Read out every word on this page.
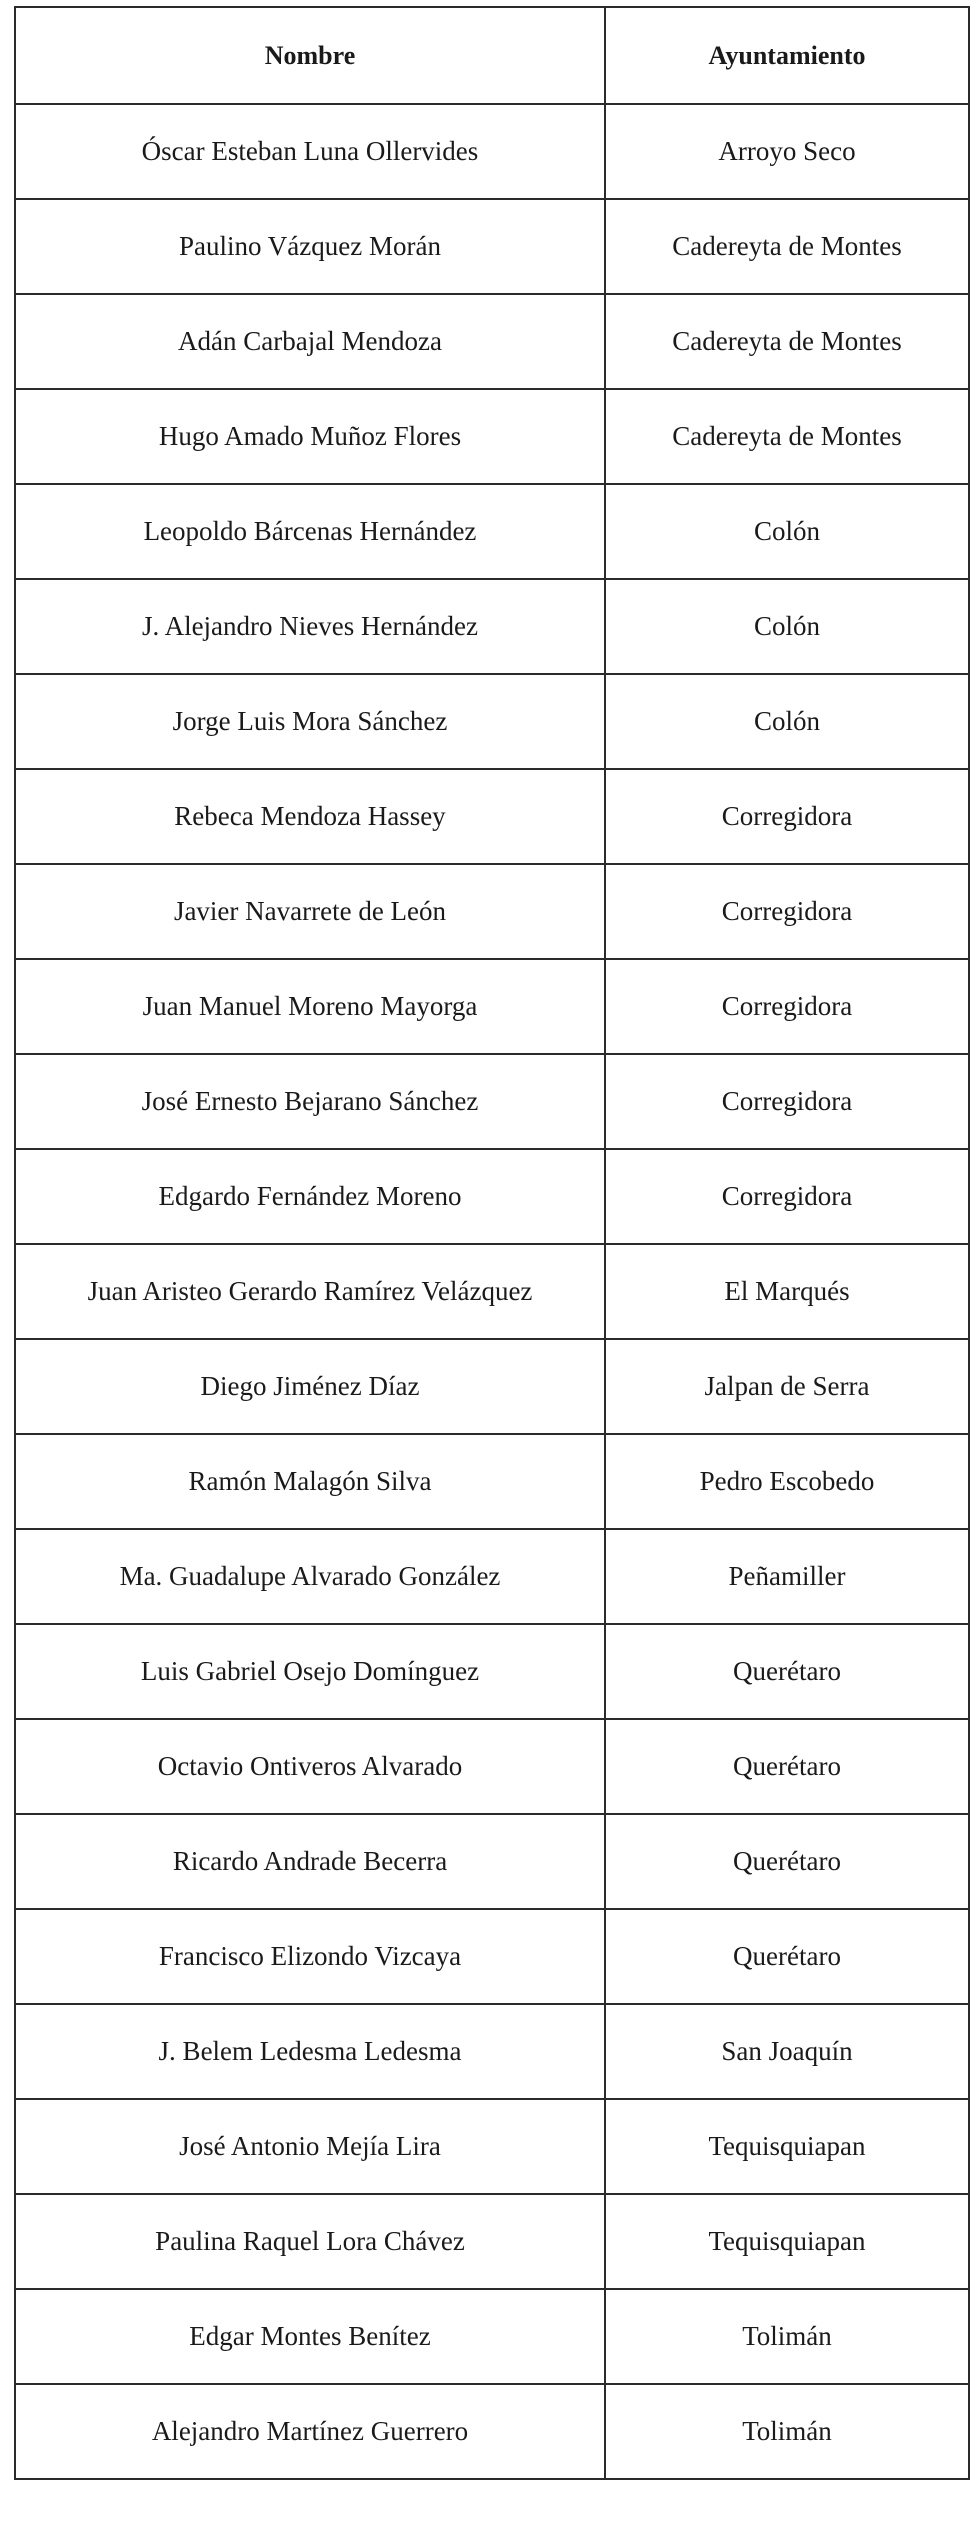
Nombre	Ayuntamiento
Óscar Esteban Luna Ollervides	Arroyo Seco
Paulino Vázquez Morán	Cadereyta de Montes
Adán Carbajal Mendoza	Cadereyta de Montes
Hugo Amado Muñoz Flores	Cadereyta de Montes
Leopoldo Bárcenas Hernández	Colón
J. Alejandro Nieves Hernández	Colón
Jorge Luis Mora Sánchez	Colón
Rebeca Mendoza Hassey	Corregidora
Javier Navarrete de León	Corregidora
Juan Manuel Moreno Mayorga	Corregidora
José Ernesto Bejarano Sánchez	Corregidora
Edgardo Fernández Moreno	Corregidora
Juan Aristeo Gerardo Ramírez Velázquez	El Marqués
Diego Jiménez Díaz	Jalpan de Serra
Ramón Malagón Silva	Pedro Escobedo
Ma. Guadalupe Alvarado González	Peñamiller
Luis Gabriel Osejo Domínguez	Querétaro
Octavio Ontiveros Alvarado	Querétaro
Ricardo Andrade Becerra	Querétaro
Francisco Elizondo Vizcaya	Querétaro
J. Belem Ledesma Ledesma	San Joaquín
José Antonio Mejía Lira	Tequisquiapan
Paulina Raquel Lora Chávez	Tequisquiapan
Edgar Montes Benítez	Tolimán
Alejandro Martínez Guerrero	Tolimán
